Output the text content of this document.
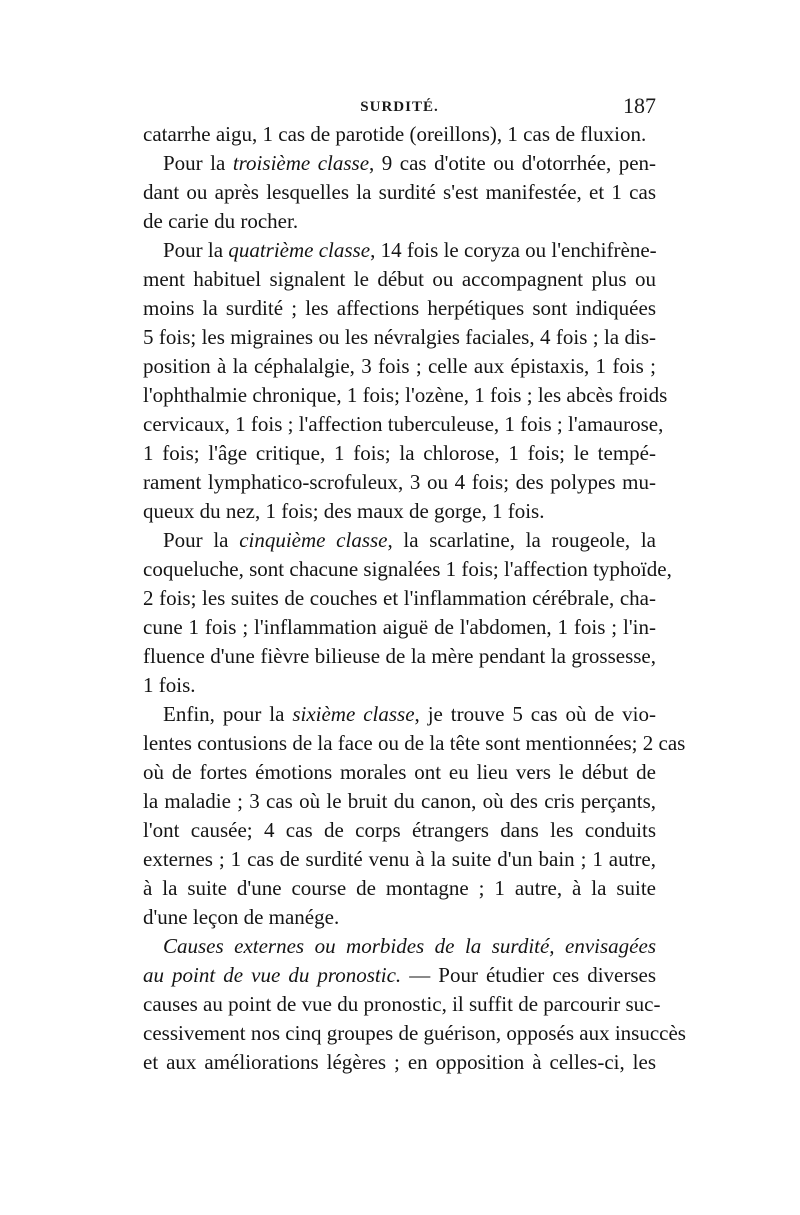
SURDITÉ.	187
catarrhe aigu, 1 cas de parotide (oreillons), 1 cas de fluxion.
Pour la troisième classe, 9 cas d'otite ou d'otorrhée, pen-
dant ou après lesquelles la surdité s'est manifestée, et 1 cas
de carie du rocher.
Pour la quatrième classe, 14 fois le coryza ou l'enchifrène-
ment habituel signalent le début ou accompagnent plus ou
moins la surdité ; les affections herpétiques sont indiquées
5 fois; les migraines ou les névralgies faciales, 4 fois ; la dis-
position à la céphalalgie, 3 fois ; celle aux épistaxis, 1 fois ;
l'ophthalmie chronique, 1 fois; l'ozène, 1 fois ; les abcès froids
cervicaux, 1 fois ; l'affection tuberculeuse, 1 fois ; l'amaurose,
1 fois; l'âge critique, 1 fois; la chlorose, 1 fois; le tempé-
rament lymphatico-scrofuleux, 3 ou 4 fois; des polypes mu-
queux du nez, 1 fois; des maux de gorge, 1 fois.
Pour la cinquième classe, la scarlatine, la rougeole, la
coqueluche, sont chacune signalées 1 fois; l'affection typhoïde,
2 fois; les suites de couches et l'inflammation cérébrale, cha-
cune 1 fois ; l'inflammation aiguë de l'abdomen, 1 fois ; l'in-
fluence d'une fièvre bilieuse de la mère pendant la grossesse,
1 fois.
Enfin, pour la sixième classe, je trouve 5 cas où de vio-
lentes contusions de la face ou de la tête sont mentionnées; 2 cas
où de fortes émotions morales ont eu lieu vers le début de
la maladie ; 3 cas où le bruit du canon, où des cris perçants,
l'ont causée; 4 cas de corps étrangers dans les conduits
externes ; 1 cas de surdité venu à la suite d'un bain ; 1 autre,
à la suite d'une course de montagne ; 1 autre, à la suite
d'une leçon de manége.
Causes externes ou morbides de la surdité, envisagées
au point de vue du pronostic. — Pour étudier ces diverses
causes au point de vue du pronostic, il suffit de parcourir suc-
cessivement nos cinq groupes de guérison, opposés aux insuccès
et aux améliorations légères ; en opposition à celles-ci, les
